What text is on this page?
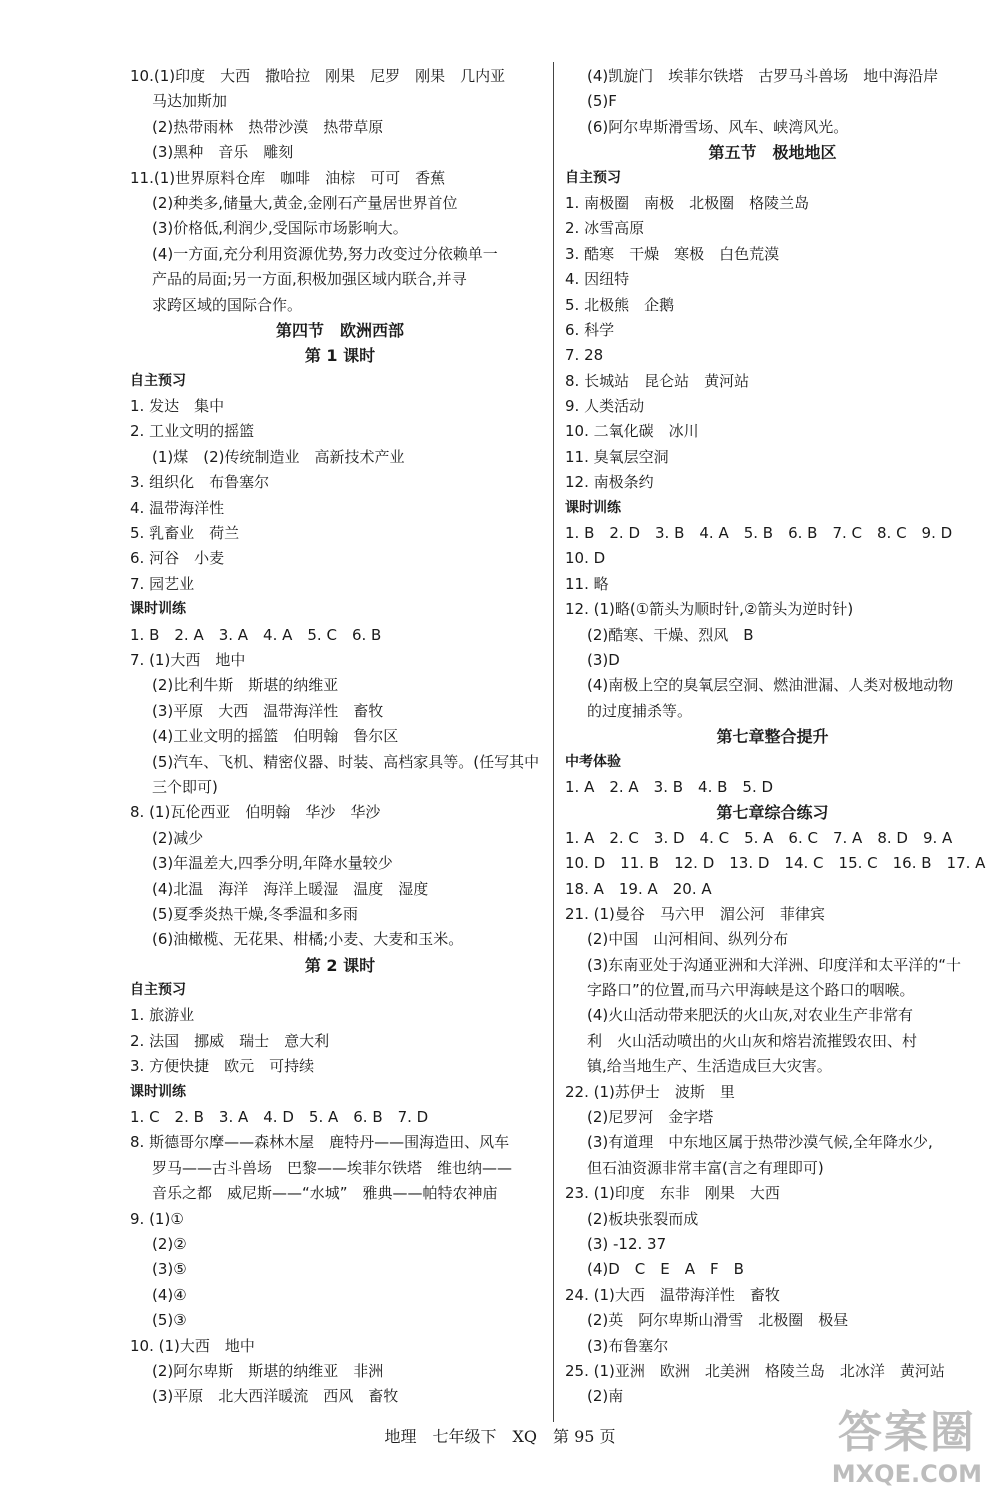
10.(1)印度　大西　撒哈拉　刚果　尼罗　刚果　几内亚
马达加斯加
(2)热带雨林　热带沙漠　热带草原
(3)黑种　音乐　雕刻
11.(1)世界原料仓库　咖啡　油棕　可可　香蕉
(2)种类多,储量大,黄金,金刚石产量居世界首位
(3)价格低,利润少,受国际市场影响大。
(4)一方面,充分利用资源优势,努力改变过分依赖单一
产品的局面;另一方面,积极加强区域内联合,并寻
求跨区域的国际合作。
第四节　欧洲西部
第 1 课时
自主预习
1. 发达　集中
2. 工业文明的摇篮
(1)煤　(2)传统制造业　高新技术产业
3. 组织化　布鲁塞尔
4. 温带海洋性
5. 乳畜业　荷兰
6. 河谷　小麦
7. 园艺业
课时训练
1. B　2. A　3. A　4. A　5. C　6. B
7. (1)大西　地中
(2)比利牛斯　斯堪的纳维亚
(3)平原　大西　温带海洋性　畜牧
(4)工业文明的摇篮　伯明翰　鲁尔区
(5)汽车、飞机、精密仪器、时装、高档家具等。(任写其中
三个即可)
8. (1)瓦伦西亚　伯明翰　华沙　华沙
(2)减少
(3)年温差大,四季分明,年降水量较少
(4)北温　海洋　海洋上暖湿　温度　湿度
(5)夏季炎热干燥,冬季温和多雨
(6)油橄榄、无花果、柑橘;小麦、大麦和玉米。
第 2 课时
自主预习
1. 旅游业
2. 法国　挪威　瑞士　意大利
3. 方便快捷　欧元　可持续
课时训练
1. C　2. B　3. A　4. D　5. A　6. B　7. D
8. 斯德哥尔摩——森林木屋　鹿特丹——围海造田、风车
罗马——古斗兽场　巴黎——埃菲尔铁塔　维也纳——
音乐之都　威尼斯——“水城”　雅典——帕特农神庙
9. (1)①
(2)②
(3)⑤
(4)④
(5)③
10. (1)大西　地中
(2)阿尔卑斯　斯堪的纳维亚　非洲
(3)平原　北大西洋暖流　西风　畜牧
(4)凯旋门　埃菲尔铁塔　古罗马斗兽场　地中海沿岸
(5)F
(6)阿尔卑斯滑雪场、风车、峡湾风光。
第五节　极地地区
自主预习
1. 南极圈　南极　北极圈　格陵兰岛
2. 冰雪高原
3. 酷寒　干燥　寒极　白色荒漠
4. 因纽特
5. 北极熊　企鹅
6. 科学
7. 28
8. 长城站　昆仑站　黄河站
9. 人类活动
10. 二氧化碳　冰川
11. 臭氧层空洞
12. 南极条约
课时训练
1. B　2. D　3. B　4. A　5. B　6. B　7. C　8. C　9. D
10. D
11. 略
12. (1)略(①箭头为顺时针,②箭头为逆时针)
(2)酷寒、干燥、烈风　B
(3)D
(4)南极上空的臭氧层空洞、燃油泄漏、人类对极地动物
的过度捕杀等。
第七章整合提升
中考体验
1. A　2. A　3. B　4. B　5. D
第七章综合练习
1. A　2. C　3. D　4. C　5. A　6. C　7. A　8. D　9. A
10. D　11. B　12. D　13. D　14. C　15. C　16. B　17. A
18. A　19. A　20. A
21. (1)曼谷　马六甲　湄公河　菲律宾
(2)中国　山河相间、纵列分布
(3)东南亚处于沟通亚洲和大洋洲、印度洋和太平洋的“十
字路口”的位置,而马六甲海峡是这个路口的咽喉。
(4)火山活动带来肥沃的火山灰,对农业生产非常有
利　火山活动喷出的火山灰和熔岩流摧毁农田、村
镇,给当地生产、生活造成巨大灾害。
22. (1)苏伊士　波斯　里
(2)尼罗河　金字塔
(3)有道理　中东地区属于热带沙漠气候,全年降水少,
但石油资源非常丰富(言之有理即可)
23. (1)印度　东非　刚果　大西
(2)板块张裂而成
(3) -12. 37
(4)D　C　E　A　F　B
24. (1)大西　温带海洋性　畜牧
(2)英　阿尔卑斯山滑雪　北极圈　极昼
(3)布鲁塞尔
25. (1)亚洲　欧洲　北美洲　格陵兰岛　北冰洋　黄河站
(2)南
地理　七年级下　XQ　第 95 页	答案圈
MXQE.COM
